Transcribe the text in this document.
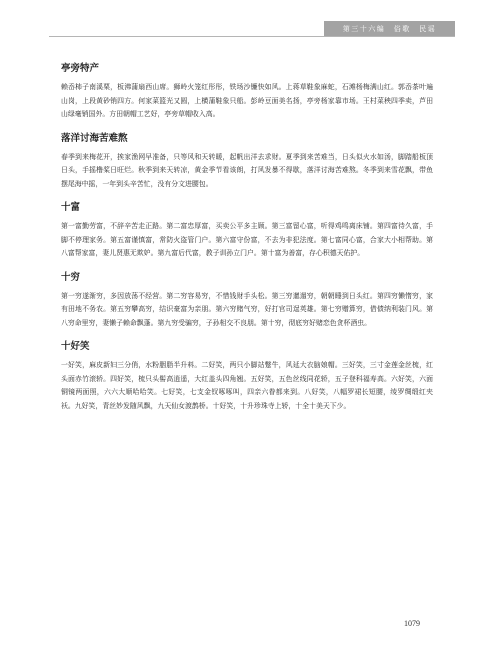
第三十六编　俗歌　民谣
亭旁特产

赖岙柿子南溪栗，板沸蒲扇西山席。狮岭火笼红彤彤，铁场沙镰快如风。上蒋草鞋象麻蛇，石滩杨梅满山红。郭岙茶叶遍山岗，上段黄砂销四方。何家菜篮光又圆，上横蒲鞋象只船。彭岭豆面美名扬，亭旁杨家靠市场。王村菜秧四季卖，芦田山绿毫销国外。方田朝帽工艺好，亭旁草帽收入高。

落洋讨海苦难熬

春季到来梅花开，挨家渔网早准备，只等风和天转暖，起帆出洋去求财。夏季到来苦难当，日头似火水如汤，脚踏船板顶日头，手摇橹桨日旺烂。秋季到来天转凉，黄金季节看该朗，打风发暴不得歇，落洋讨海苦难熬。冬季到来雪花飘，带鱼摆尾海中摇，一年到头辛苦忙，没有分文进腰包。

十富

第一富勤劳富，不辞辛苦走正路。第二富忠厚富，买卖公平多主顾。第三富留心富，听得鸡鸣离床铺。第四富待久富，手脚不停理家务。第五富谨慎富，常防火盗管门户。第六富守份富，不去为非犯法度。第七富同心富，合家大小相帮助。第八富帮家富，妻儿贤惠无欺妒。第九富后代富，教子训孙立门户。第十富为善富，存心积德天佑护。

十穷

第一穷遂渐穷，多因放荡不经营。第二穷容易穷，不惜钱财手头松。第三穷邋遢穷，朝朝睡到日头红。第四穷懒惰穷，家有田地不务农。第五穷攀高穷，结识豪富为亲朋。第六穷赌气穷，好打官司逞英雄。第七穷赠算穷，借债纳利装门风。第八穷命里穷，妻懒子赖命飘蓬。第九穷受骗穷，子孙相交不良朋。第十穷，彻底穷好赌恋色贪杯酒虫。

十好笑

一好笑，麻皮新妇三分俏，水粉胭脂半升料。二好笑，两只小脚站蹩牛，风延大衣脑娘帽。三好笑，三寸金莲金丝梳，红头面赤竹滚轿。四好笑，梳只头髻高逍遥，大红盖头四角翘。五好笑，五色丝线同花轿，五子登科福寿高。六好笑，六面铜镜两面照，六六大顺哈哈笑。七好笑，七支金钗啄啄叫，四亲六眷都来到。八好笑，八幅罗裙长短腰，绫罗绸缎红夹袄。九好笑，青丝妙发随风飘，九天仙女渡鹊桥。十好笑，十升珍珠寺上轿，十全十美天下少。

1079
